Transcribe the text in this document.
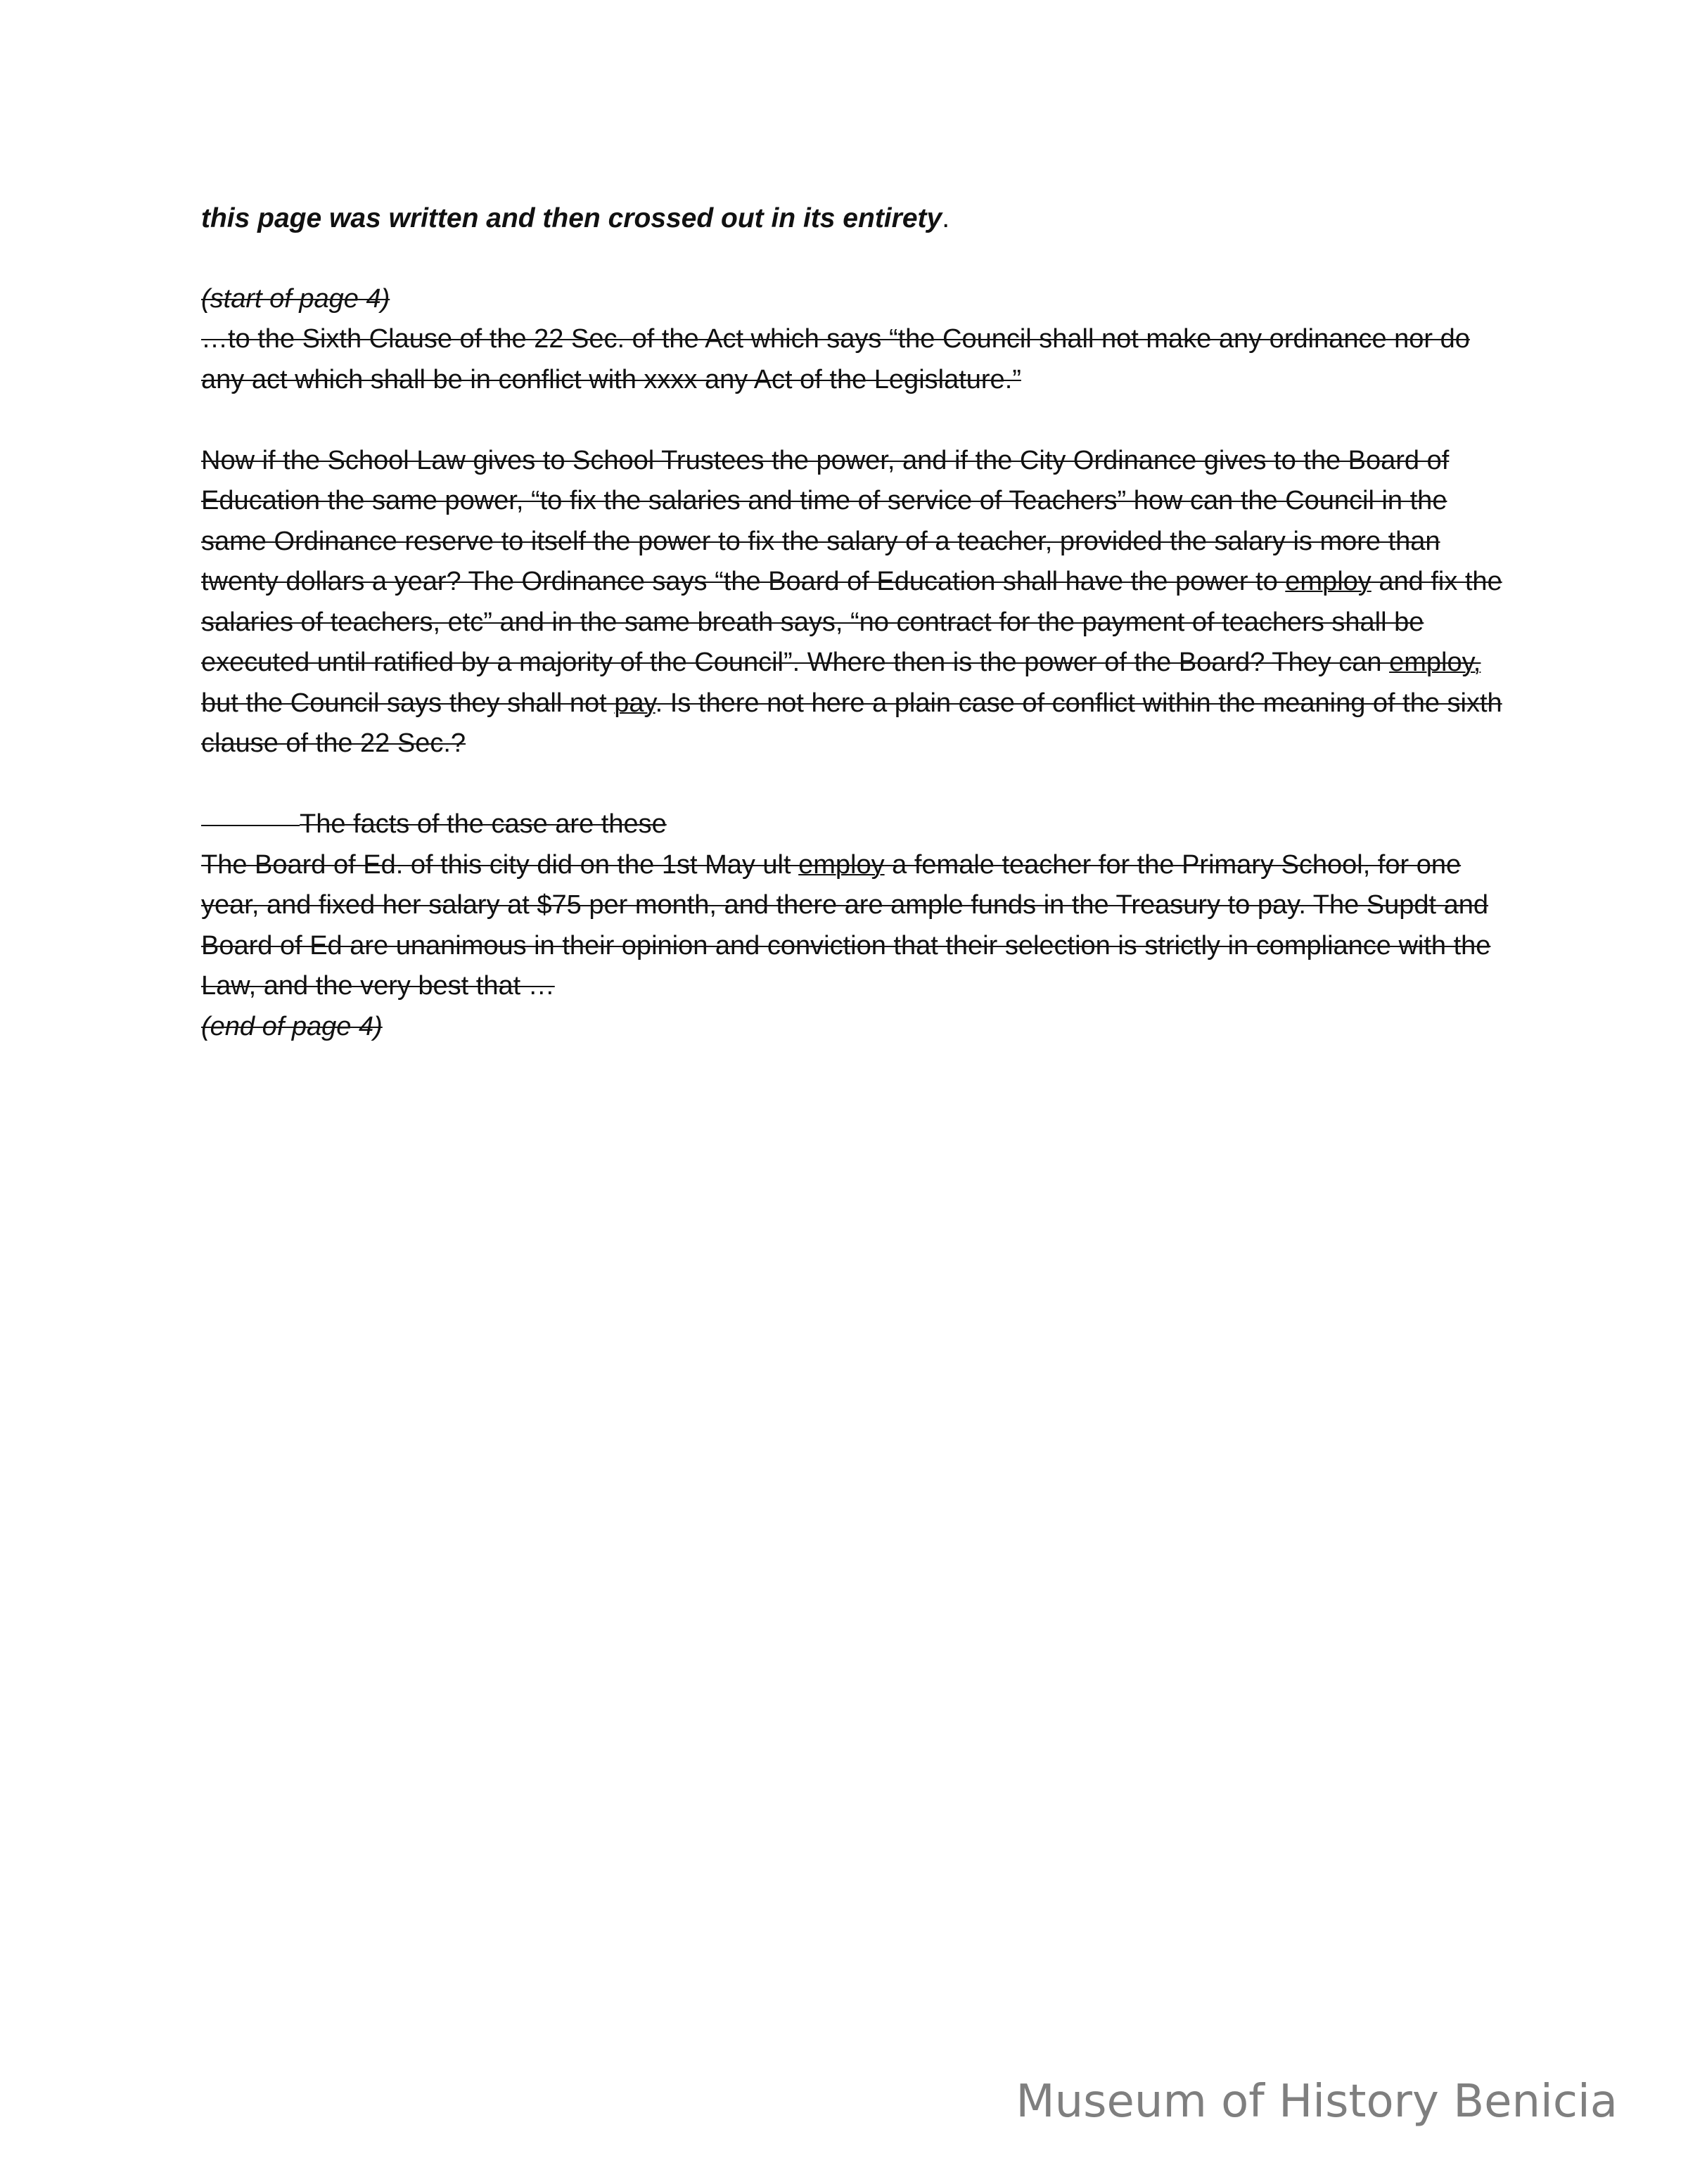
this page was written and then crossed out in its entirety.

(start of page 4)

…to the Sixth Clause of the 22 Sec. of the Act which says “the Council shall not make any ordinance nor do any act which shall be in conflict with xxxx any Act of the Legislature.”

Now if the School Law gives to School Trustees the power, and if the City Ordinance gives to the Board of Education the same power, “to fix the salaries and time of service of Teachers” how can the Council in the same Ordinance reserve to itself the power to fix the salary of a teacher, provided the salary is more than twenty dollars a year? The Ordinance says “the Board of Education shall have the power to employ and fix the salaries of teachers, etc” and in the same breath says, “no contract for the payment of teachers shall be executed until ratified by a majority of the Council”. Where then is the power of the Board? They can employ, but the Council says they shall not pay. Is there not here a plain case of conflict within the meaning of the sixth clause of the 22 Sec.?

The facts of the case are these

The Board of Ed. of this city did on the 1st May ult employ a female teacher for the Primary School, for one year, and fixed her salary at $75 per month, and there are ample funds in the Treasury to pay. The Supdt and Board of Ed are unanimous in their opinion and conviction that their selection is strictly in compliance with the Law, and the very best that …

(end of page 4)
Museum of History Benicia
